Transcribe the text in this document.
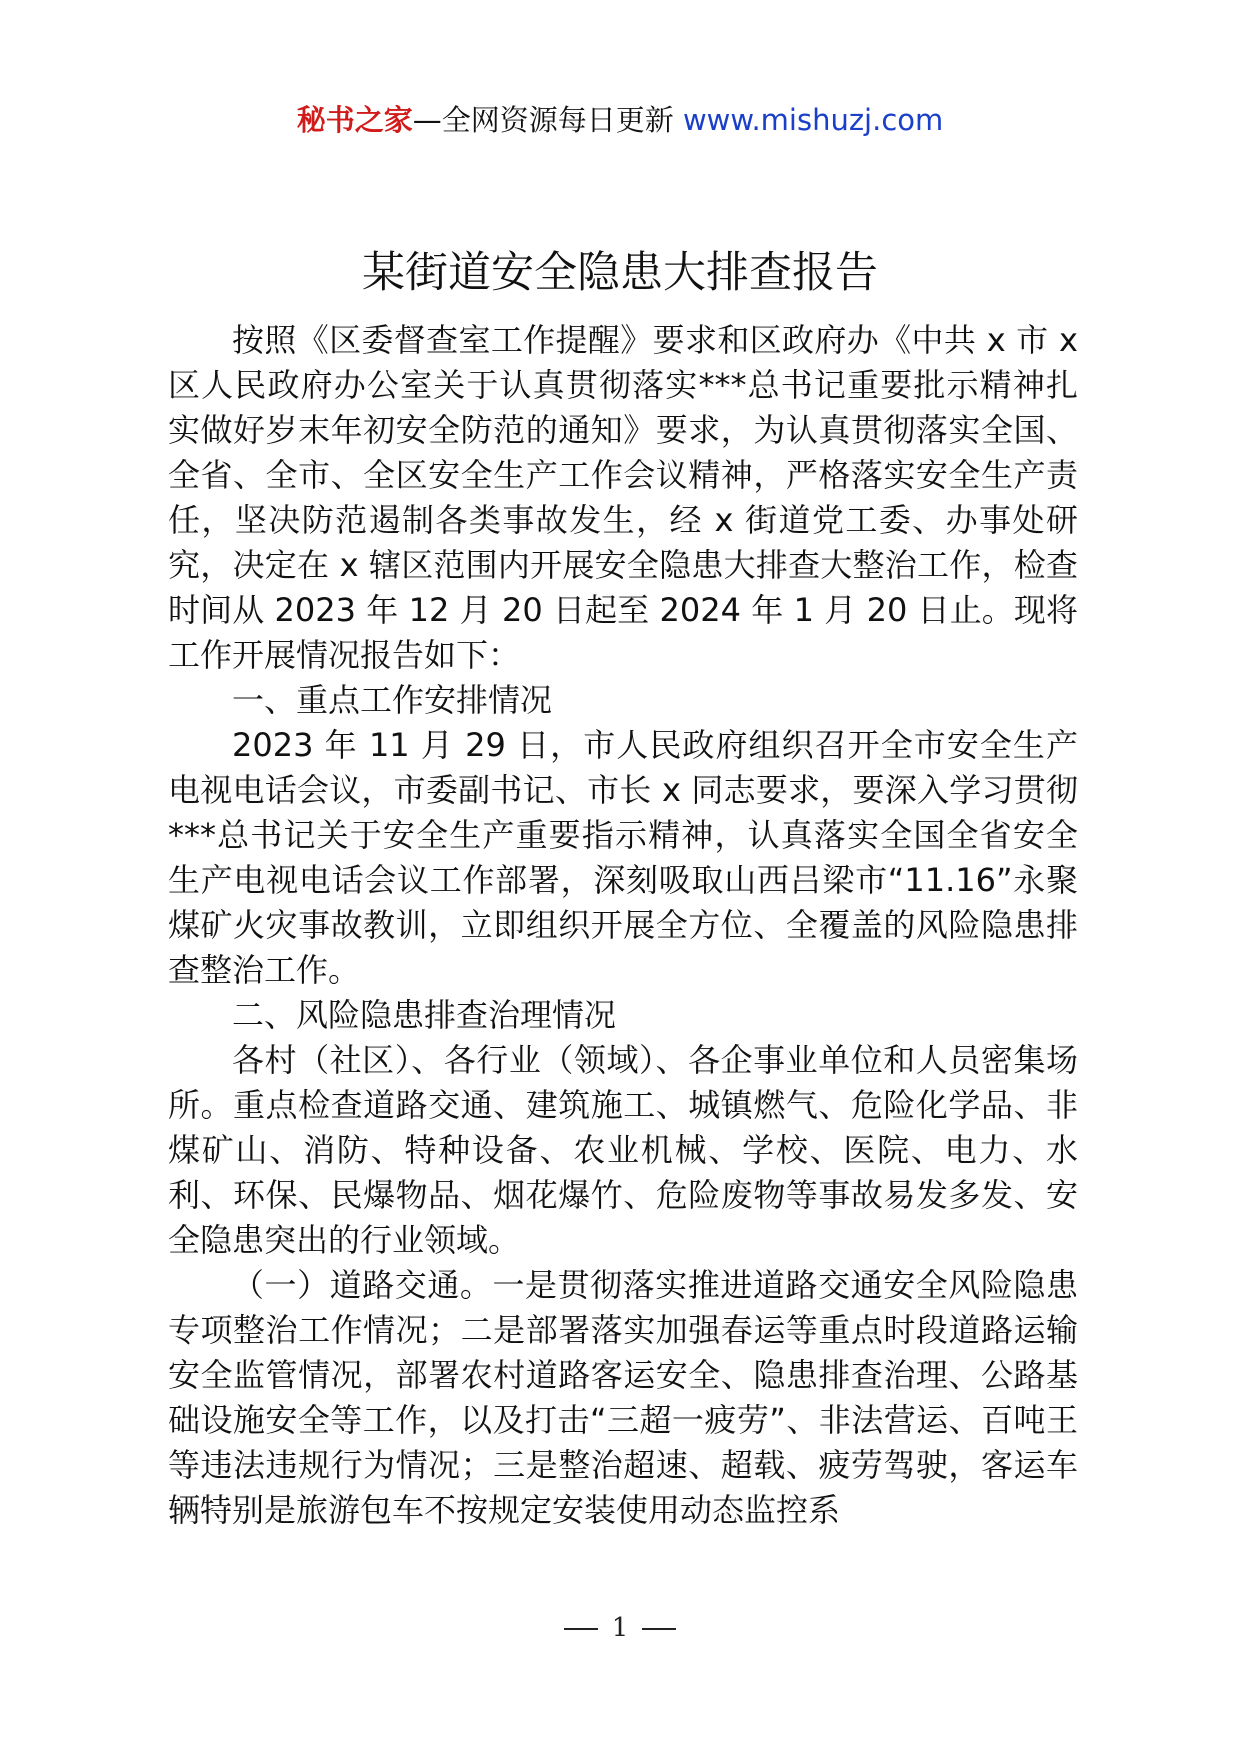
秘书之家—全网资源每日更新 www.mishuzj.com
某街道安全隐患大排查报告

按照《区委督查室工作提醒》要求和区政府办《中共 x 市 x 区人民政府办公室关于认真贯彻落实***总书记重要批示精神扎实做好岁末年初安全防范的通知》要求，为认真贯彻落实全国、全省、全市、全区安全生产工作会议精神，严格落实安全生产责任，坚决防范遏制各类事故发生，经 x 街道党工委、办事处研究，决定在 x 辖区范围内开展安全隐患大排查大整治工作，检查时间从 2023 年 12 月 20 日起至 2024 年 1 月 20 日止。现将工作开展情况报告如下：

一、重点工作安排情况

2023 年 11 月 29 日，市人民政府组织召开全市安全生产电视电话会议，市委副书记、市长 x 同志要求，要深入学习贯彻***总书记关于安全生产重要指示精神，认真落实全国全省安全生产电视电话会议工作部署，深刻吸取山西吕梁市“11.16”永聚煤矿火灾事故教训，立即组织开展全方位、全覆盖的风险隐患排查整治工作。

二、风险隐患排查治理情况

各村（社区）、各行业（领域）、各企事业单位和人员密集场所。重点检查道路交通、建筑施工、城镇燃气、危险化学品、非煤矿山、消防、特种设备、农业机械、学校、医院、电力、水利、环保、民爆物品、烟花爆竹、危险废物等事故易发多发、安全隐患突出的行业领域。

（一）道路交通。一是贯彻落实推进道路交通安全风险隐患专项整治工作情况；二是部署落实加强春运等重点时段道路运输安全监管情况，部署农村道路客运安全、隐患排查治理、公路基础设施安全等工作，以及打击“三超一疲劳”、非法营运、百吨王等违法违规行为情况；三是整治超速、超载、疲劳驾驶，客运车辆特别是旅游包车不按规定安装使用动态监控系

1
